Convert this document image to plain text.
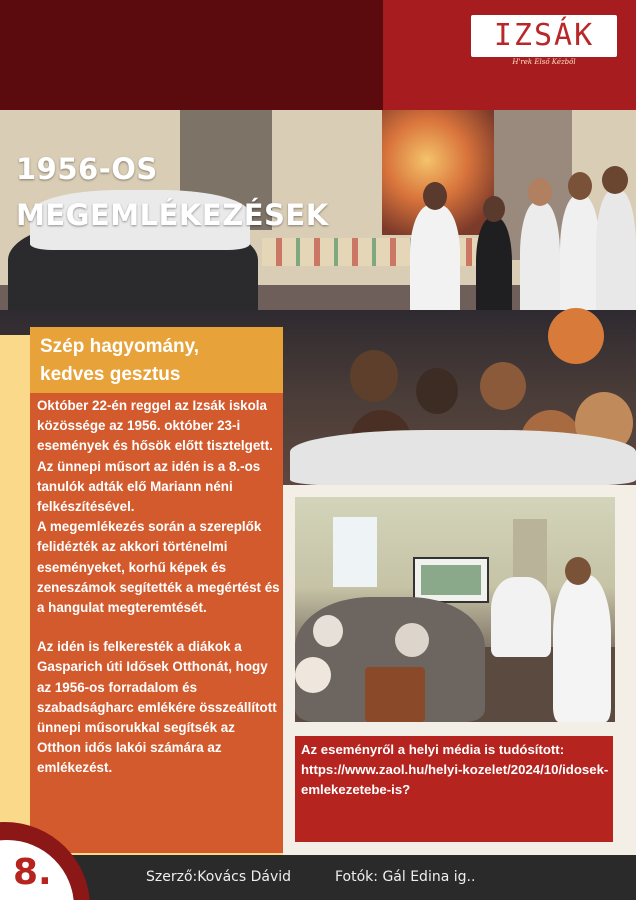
IZSÁK
H'rek Első Kézből
1956-OS
MEGEMLÉKEZÉSEK
Szép hagyomány,
kedves gesztus

Október 22-én reggel az Izsák iskola közössége az 1956. október 23-i események és hősök előtt tisztelgett. Az ünnepi műsort az idén is a 8.-os tanulók adták elő Mariann néni felkészítésével.
A megemlékezés során a szereplők felidézték az akkori történelmi eseményeket, korhű képek és zeneszámok segítették a megértést és a hangulat megteremtését.

Az idén is felkeresték a diákok a Gasparich úti Idősek Otthonát, hogy az 1956-os forradalom és szabadságharc emlékére összeállított ünnepi műsorukkal segítsék az Otthon idős lakói számára az emlékezést.

Az eseményről a helyi média is tudósított:
https://www.zaol.hu/helyi-kozelet/2024/10/idosek-emlekezetebe-is?
8.	Szerző:Kovács Dávid	Fotók: Gál Edina ig..
